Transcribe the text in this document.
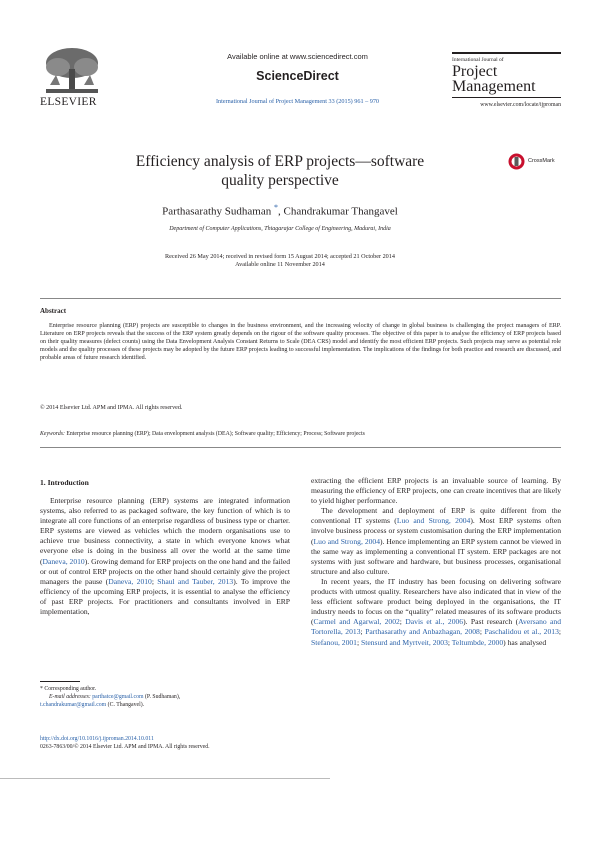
ELSEVIER
Available online at www.sciencedirect.com
ScienceDirect
International Journal of Project Management 33 (2015) 961 – 970
International Journal of
Project
Management
www.elsevier.com/locate/ijproman
Efficiency analysis of ERP projects—software
quality perspective
CrossMark
Parthasarathy Sudhaman *, Chandrakumar Thangavel
Department of Computer Applications, Thiagarajar College of Engineering, Madurai, India
Received 26 May 2014; received in revised form 15 August 2014; accepted 21 October 2014
Available online 11 November 2014
Abstract
Enterprise resource planning (ERP) projects are susceptible to changes in the business environment, and the increasing velocity of change in global business is challenging the project managers of ERP. Literature on ERP projects reveals that the success of the ERP system greatly depends on the rigour of the software quality processes. The objective of this paper is to analyse the efficiency of ERP projects based on their quality measures (defect counts) using the Data Envelopment Analysis Constant Returns to Scale (DEA CRS) model and identify the most efficient ERP projects. Such projects may serve as potential role models and the quality processes of these projects may be adopted by the future ERP projects leading to successful implementation. The implications of the findings for both practice and research are discussed, and probable areas of future research identified.
© 2014 Elsevier Ltd. APM and IPMA. All rights reserved.
Keywords: Enterprise resource planning (ERP); Data envelopment analysis (DEA); Software quality; Efficiency; Process; Software projects
1. Introduction

Enterprise resource planning (ERP) systems are integrated information systems, also referred to as packaged software, the key function of which is to integrate all core functions of an enterprise regardless of business type or charter. ERP systems are viewed as vehicles which the modern organisations use to achieve true business connectivity, a state in which everyone knows what everyone else is doing in the business all over the world at the same time (Daneva, 2010). Growing demand for ERP projects on the one hand and the failed or out of control ERP projects on the other hand should certainly give the project managers the pause (Daneva, 2010; Shaul and Tauber, 2013). To improve the efficiency of the upcoming ERP projects, it is essential to analyse the efficiency of past ERP projects. For practitioners and consultants involved in ERP implementation,

extracting the efficient ERP projects is an invaluable source of learning. By measuring the efficiency of ERP projects, one can create incentives that are likely to yield higher performance.

The development and deployment of ERP is quite different from the conventional IT systems (Luo and Strong, 2004). Most ERP systems often involve business process or system customisation during the ERP implementation (Luo and Strong, 2004). Hence implementing an ERP system cannot be viewed in the same way as implementing a conventional IT system. ERP packages are not systems with just software and hardware, but business processes, organisational structure and also culture.

In recent years, the IT industry has been focusing on delivering software products with utmost quality. Researchers have also indicated that in view of the less efficient software product being deployed in the organisations, the IT industry needs to focus on the “quality” related measures of its software products (Carmel and Agarwal, 2002; Davis et al., 2006). Past research (Aversano and Tortorella, 2013; Parthasarathy and Anbazhagan, 2008; Paschalidou et al., 2013; Stefanou, 2001; Stensurd and Myrtveit, 2003; Teltumbde, 2000) has analysed

* Corresponding author.
E-mail addresses: parthatce@gmail.com (P. Sudhaman),
t.chandrakumar@gmail.com (C. Thangavel).
http://dx.doi.org/10.1016/j.ijproman.2014.10.011
0263-7863/00/© 2014 Elsevier Ltd. APM and IPMA. All rights reserved.
